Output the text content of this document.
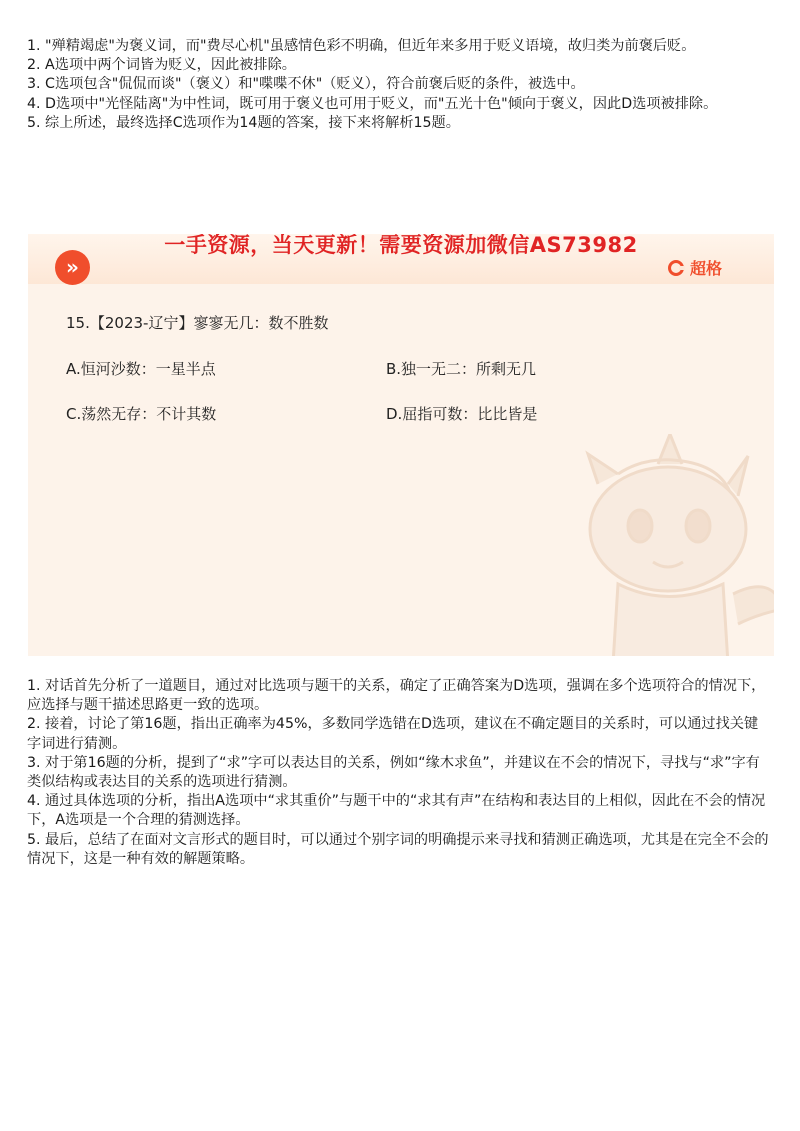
1. "殚精竭虑"为褒义词，而"费尽心机"虽感情色彩不明确，但近年来多用于贬义语境，故归类为前褒后贬。

2. A选项中两个词皆为贬义，因此被排除。

3. C选项包含"侃侃而谈"（褒义）和"喋喋不休"（贬义），符合前褒后贬的条件，被选中。

4. D选项中"光怪陆离"为中性词，既可用于褒义也可用于贬义，而"五光十色"倾向于褒义，因此D选项被排除。

5. 综上所述，最终选择C选项作为14题的答案，接下来将解析15题。

一手资源，当天更新！需要资源加微信AS73982
»	超格
15.【2023-辽宁】寥寥无几：数不胜数
A.恒河沙数：一星半点	B.独一无二：所剩无几
C.荡然无存：不计其数	D.屈指可数：比比皆是

1. 对话首先分析了一道题目，通过对比选项与题干的关系，确定了正确答案为D选项，强调在多个选项符合的情况下，应选择与题干描述思路更一致的选项。

2. 接着，讨论了第16题，指出正确率为45%，多数同学选错在D选项，建议在不确定题目的关系时，可以通过找关键字词进行猜测。

3. 对于第16题的分析，提到了“求”字可以表达目的关系，例如“缘木求鱼”，并建议在不会的情况下，寻找与“求”字有类似结构或表达目的关系的选项进行猜测。

4. 通过具体选项的分析，指出A选项中“求其重价”与题干中的“求其有声”在结构和表达目的上相似，因此在不会的情况下，A选项是一个合理的猜测选择。

5. 最后，总结了在面对文言形式的题目时，可以通过个别字词的明确提示来寻找和猜测正确选项，尤其是在完全不会的情况下，这是一种有效的解题策略。
